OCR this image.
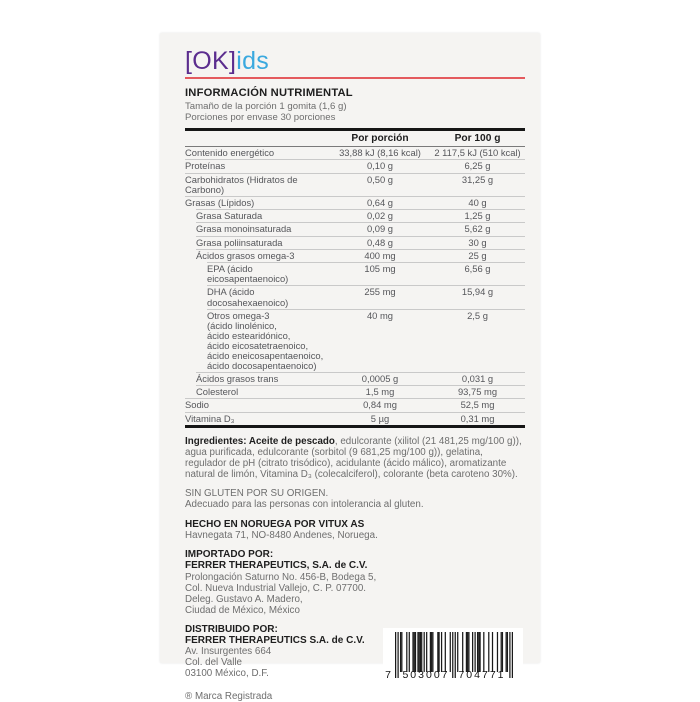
[OK]ids
INFORMACIÓN NUTRIMENTAL
Tamaño de la porción 1 gomita (1,6 g)
Porciones por envase 30 porciones
Por porción	Por 100 g
Contenido energético	33,88 kJ (8,16 kcal)	2 117,5 kJ (510 kcal)
Proteínas	0,10 g	6,25 g
Carbohidratos (Hidratos de Carbono)
0,50 g	31,25 g
Grasas (Lípidos)	0,64 g	40 g
Grasa Saturada	0,02 g	1,25 g
Grasa monoinsaturada	0,09 g	5,62 g
Grasa poliinsaturada	0,48 g	30 g
Ácidos grasos omega-3	400 mg	25 g
EPA (ácido eicosapentaenoico)
105 mg	6,56 g
DHA (ácido docosahexaenoico)
255 mg	15,94 g
Otros omega-3
(ácido linolénico,
ácido estearidónico,
ácido eicosatetraenoico,
ácido eneicosapentaenoico,
ácido docosapentaenoico)
40 mg	2,5 g
Ácidos grasos trans	0,0005 g	0,031 g
Colesterol	1,5 mg	93,75 mg
Sodio	0,84 mg	52,5 mg
Vitamina D₃	5 µg	0,31 mg
Ingredientes: Aceite de pescado, edulcorante (xilitol (21 481,25 mg/100 g)), agua purificada, edulcorante (sorbitol (9 681,25 mg/100 g)), gelatina, regulador de pH (citrato trisódico), acidulante (ácido málico), aromatizante natural de limón, Vitamina D₃ (colecalciferol), colorante (beta caroteno 30%).
SIN GLUTEN POR SU ORIGEN.
Adecuado para las personas con intolerancia al gluten.
HECHO EN NORUEGA POR VITUX AS
Havnegata 71, NO-8480 Andenes, Noruega.
IMPORTADO POR:
FERRER THERAPEUTICS, S.A. de C.V.
Prolongación Saturno No. 456-B, Bodega 5,
Col. Nueva Industrial Vallejo, C. P. 07700.
Deleg. Gustavo A. Madero,
Ciudad de México, México
DISTRIBUIDO POR:
FERRER THERAPEUTICS S.A. de C.V.
Av. Insurgentes 664
Col. del Valle
03100 México, D.F.
® Marca Registrada
7 503007 704771
